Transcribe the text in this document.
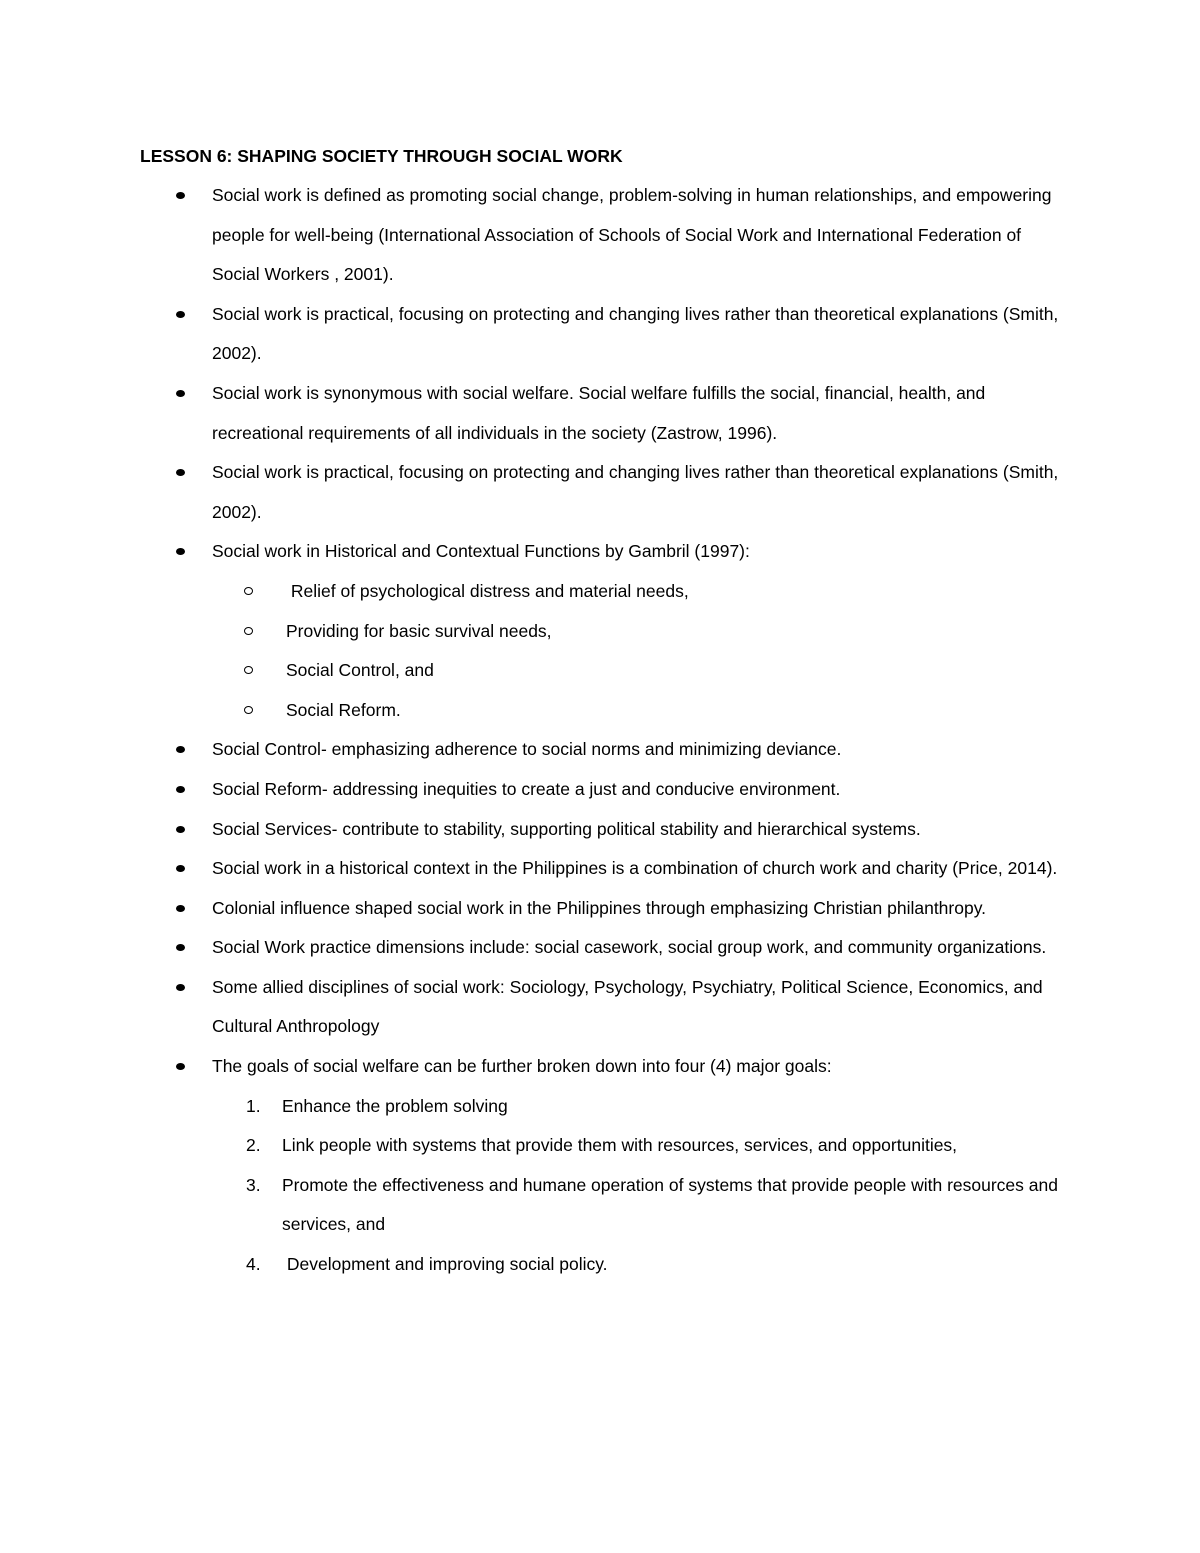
LESSON 6: SHAPING SOCIETY THROUGH SOCIAL WORK
Social work is defined as promoting social change, problem-solving in human relationships, and empowering people for well-being (International Association of Schools of Social Work and International Federation of Social Workers , 2001).
Social work is practical, focusing on protecting and changing lives rather than theoretical explanations (Smith, 2002).
Social work is synonymous with social welfare. Social welfare fulfills the social, financial, health, and recreational requirements of all individuals in the society (Zastrow, 1996).
Social work is practical, focusing on protecting and changing lives rather than theoretical explanations (Smith, 2002).
Social work in Historical and Contextual Functions by Gambril (1997):
Relief of psychological distress and material needs,
Providing for basic survival needs,
Social Control, and
Social Reform.
Social Control- emphasizing adherence to social norms and minimizing deviance.
Social Reform- addressing inequities to create a just and conducive environment.
Social Services- contribute to stability, supporting political stability and hierarchical systems.
Social work in a historical context in the Philippines is a combination of church work and charity (Price, 2014).
Colonial influence shaped social work in the Philippines through emphasizing Christian philanthropy.
Social Work practice dimensions include: social casework, social group work, and community organizations.
Some allied disciplines of social work: Sociology, Psychology, Psychiatry, Political Science, Economics, and Cultural Anthropology
The goals of social welfare can be further broken down into four (4) major goals:
1. Enhance the problem solving
2. Link people with systems that provide them with resources, services, and opportunities,
3. Promote the effectiveness and humane operation of systems that provide people with resources and services, and
4. Development and improving social policy.
